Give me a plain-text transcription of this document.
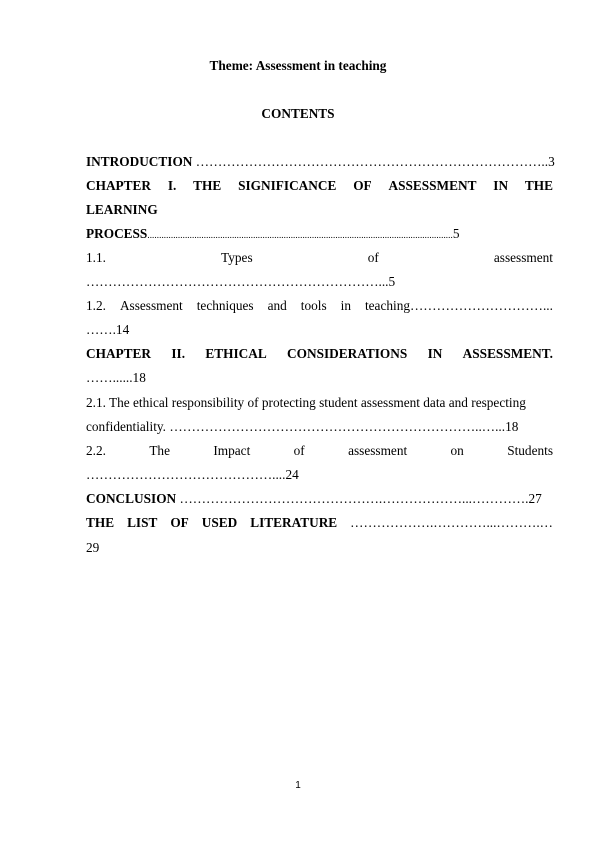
Theme: Assessment in teaching
CONTENTS
INTRODUCTION ……………………………………………………………………..3
CHAPTER I. THE SIGNIFICANCE OF ASSESSMENT IN THE
LEARNING
PROCESS..................................................................................................................................5
1.1.	Types	of	assessment
…………………………………………………………...5
1.2. Assessment techniques and tools in teaching…………………………...
…….14
CHAPTER II. ETHICAL CONSIDERATIONS IN ASSESSMENT.
……......18
2.1. The ethical responsibility of protecting student assessment data and respecting
confidentiality. ……………………………………………………………..…...18
2.2.	The	Impact	of	assessment	on	Students
……………………………………....24
CONCLUSION ……………………………………….………………...………….27
THE LIST OF USED LITERATURE ……………….…………...……….…
29
1
